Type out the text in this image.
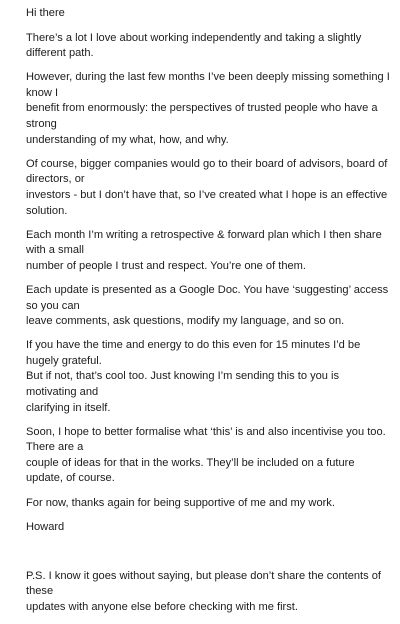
Hi there

There’s a lot I love about working independently and taking a slightly different path.

However, during the last few months I’ve been deeply missing something I know I
benefit from enormously: the perspectives of trusted people who have a strong
understanding of my what, how, and why.

Of course, bigger companies would go to their board of advisors, board of directors, or
investors - but I don’t have that, so I’ve created what I hope is an effective solution.

Each month I’m writing a retrospective & forward plan which I then share with a small
number of people I trust and respect. You’re one of them.

Each update is presented as a Google Doc. You have ‘suggesting’ access so you can
leave comments, ask questions, modify my language, and so on.

If you have the time and energy to do this even for 15 minutes I’d be hugely grateful.
But if not, that’s cool too. Just knowing I’m sending this to you is motivating and
clarifying in itself.

Soon, I hope to better formalise what ‘this’ is and also incentivise you too. There are a
couple of ideas for that in the works. They’ll be included on a future update, of course.

For now, thanks again for being supportive of me and my work.

Howard

P.S. I know it goes without saying, but please don’t share the contents of these
updates with anyone else before checking with me first.
